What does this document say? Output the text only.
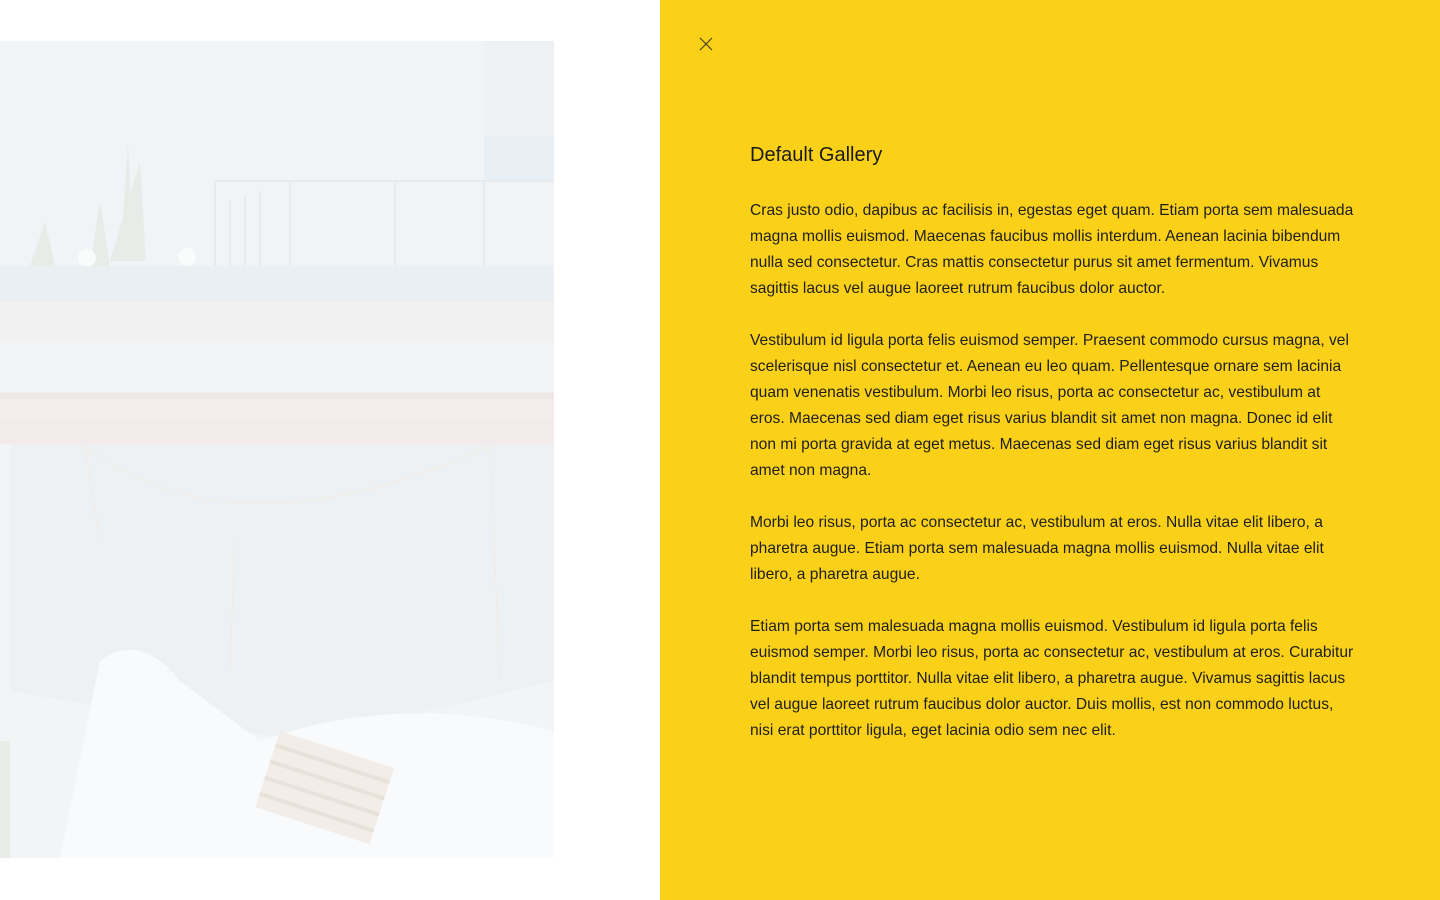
Default Gallery

Cras justo odio, dapibus ac facilisis in, egestas eget quam. Etiam porta sem malesuada magna mollis euismod. Maecenas faucibus mollis interdum. Aenean lacinia bibendum nulla sed consectetur. Cras mattis consectetur purus sit amet fermentum. Vivamus sagittis lacus vel augue laoreet rutrum faucibus dolor auctor.

Vestibulum id ligula porta felis euismod semper. Praesent commodo cursus magna, vel scelerisque nisl consectetur et. Aenean eu leo quam. Pellentesque ornare sem lacinia quam venenatis vestibulum. Morbi leo risus, porta ac consectetur ac, vestibulum at eros. Maecenas sed diam eget risus varius blandit sit amet non magna. Donec id elit non mi porta gravida at eget metus. Maecenas sed diam eget risus varius blandit sit amet non magna.

Morbi leo risus, porta ac consectetur ac, vestibulum at eros. Nulla vitae elit libero, a pharetra augue. Etiam porta sem malesuada magna mollis euismod. Nulla vitae elit libero, a pharetra augue.

Etiam porta sem malesuada magna mollis euismod. Vestibulum id ligula porta felis euismod semper. Morbi leo risus, porta ac consectetur ac, vestibulum at eros. Curabitur blandit tempus porttitor. Nulla vitae elit libero, a pharetra augue. Vivamus sagittis lacus vel augue laoreet rutrum faucibus dolor auctor. Duis mollis, est non commodo luctus, nisi erat porttitor ligula, eget lacinia odio sem nec elit.
